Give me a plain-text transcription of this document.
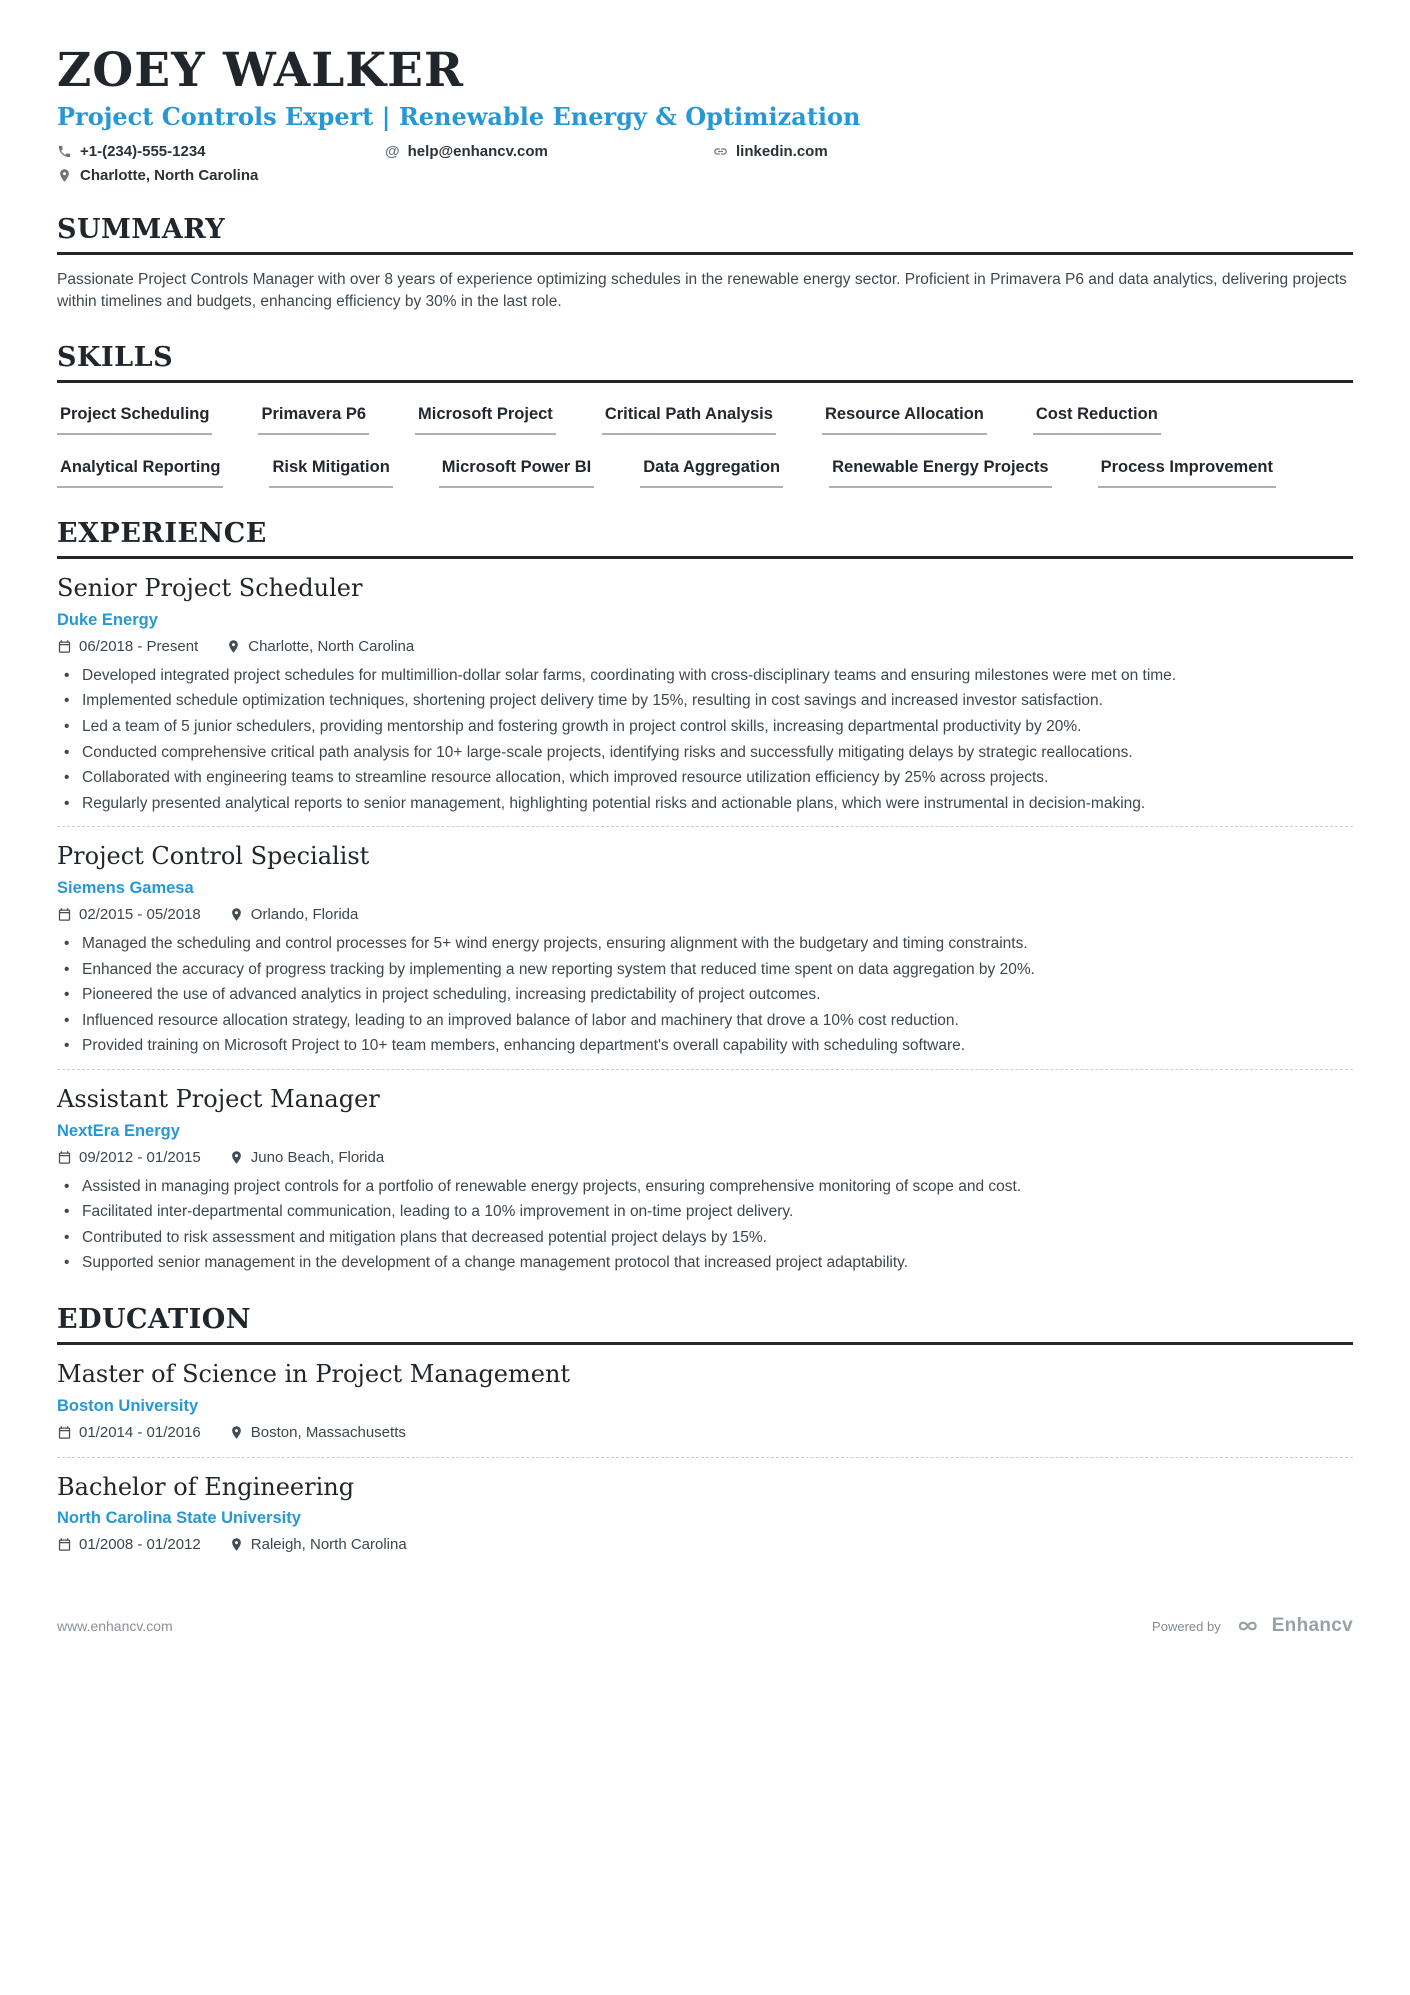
ZOEY WALKER
Project Controls Expert | Renewable Energy & Optimization
+1-(234)-555-1234	@ help@enhancv.com	linkedin.com
Charlotte, North Carolina
SUMMARY

Passionate Project Controls Manager with over 8 years of experience optimizing schedules in the renewable energy sector. Proficient in Primavera P6 and data analytics, delivering projects within timelines and budgets, enhancing efficiency by 30% in the last role.

SKILLS
Project Scheduling	Primavera P6	Microsoft Project	Critical Path Analysis	Resource Allocation	Cost Reduction
Analytical Reporting	Risk Mitigation	Microsoft Power BI	Data Aggregation	Renewable Energy Projects	Process Improvement
EXPERIENCE
Senior Project Scheduler
Duke Energy
06/2018 - Present	Charlotte, North Carolina
• Developed integrated project schedules for multimillion-dollar solar farms, coordinating with cross-disciplinary teams and ensuring milestones were met on time.
• Implemented schedule optimization techniques, shortening project delivery time by 15%, resulting in cost savings and increased investor satisfaction.
• Led a team of 5 junior schedulers, providing mentorship and fostering growth in project control skills, increasing departmental productivity by 20%.
• Conducted comprehensive critical path analysis for 10+ large-scale projects, identifying risks and successfully mitigating delays by strategic reallocations.
• Collaborated with engineering teams to streamline resource allocation, which improved resource utilization efficiency by 25% across projects.
• Regularly presented analytical reports to senior management, highlighting potential risks and actionable plans, which were instrumental in decision-making.
Project Control Specialist
Siemens Gamesa
02/2015 - 05/2018	Orlando, Florida
• Managed the scheduling and control processes for 5+ wind energy projects, ensuring alignment with the budgetary and timing constraints.
• Enhanced the accuracy of progress tracking by implementing a new reporting system that reduced time spent on data aggregation by 20%.
• Pioneered the use of advanced analytics in project scheduling, increasing predictability of project outcomes.
• Influenced resource allocation strategy, leading to an improved balance of labor and machinery that drove a 10% cost reduction.
• Provided training on Microsoft Project to 10+ team members, enhancing department's overall capability with scheduling software.
Assistant Project Manager
NextEra Energy
09/2012 - 01/2015	Juno Beach, Florida
• Assisted in managing project controls for a portfolio of renewable energy projects, ensuring comprehensive monitoring of scope and cost.
• Facilitated inter-departmental communication, leading to a 10% improvement in on-time project delivery.
• Contributed to risk assessment and mitigation plans that decreased potential project delays by 15%.
• Supported senior management in the development of a change management protocol that increased project adaptability.
EDUCATION
Master of Science in Project Management
Boston University
01/2014 - 01/2016	Boston, Massachusetts
Bachelor of Engineering
North Carolina State University
01/2008 - 01/2012	Raleigh, North Carolina
www.enhancv.com	Powered by	Enhancv
